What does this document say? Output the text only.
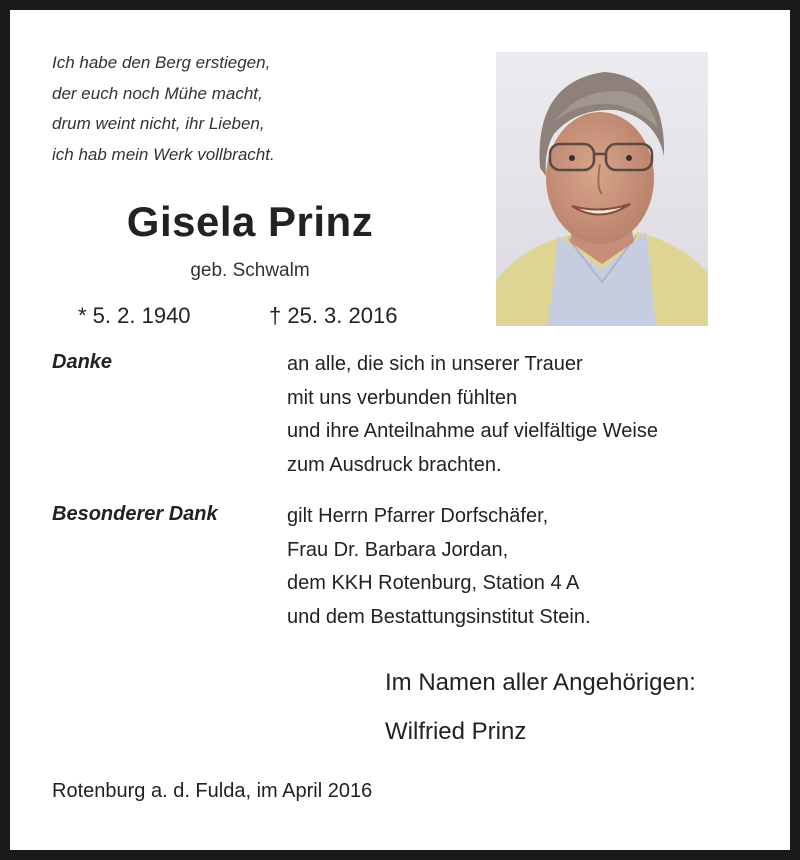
Ich habe den Berg erstiegen,
der euch noch Mühe macht,
drum weint nicht, ihr Lieben,
ich hab mein Werk vollbracht.
Gisela Prinz
geb. Schwalm
* 5. 2. 1940	† 25. 3. 2016
Danke	an alle, die sich in unserer Trauer
mit uns verbunden fühlten
und ihre Anteilnahme auf vielfältige Weise
zum Ausdruck brachten.
Besonderer Dank	gilt Herrn Pfarrer Dorfschäfer,
Frau Dr. Barbara Jordan,
dem KKH Rotenburg, Station 4 A
und dem Bestattungsinstitut Stein.
Im Namen aller Angehörigen:
Wilfried Prinz
Rotenburg a. d. Fulda, im April 2016
